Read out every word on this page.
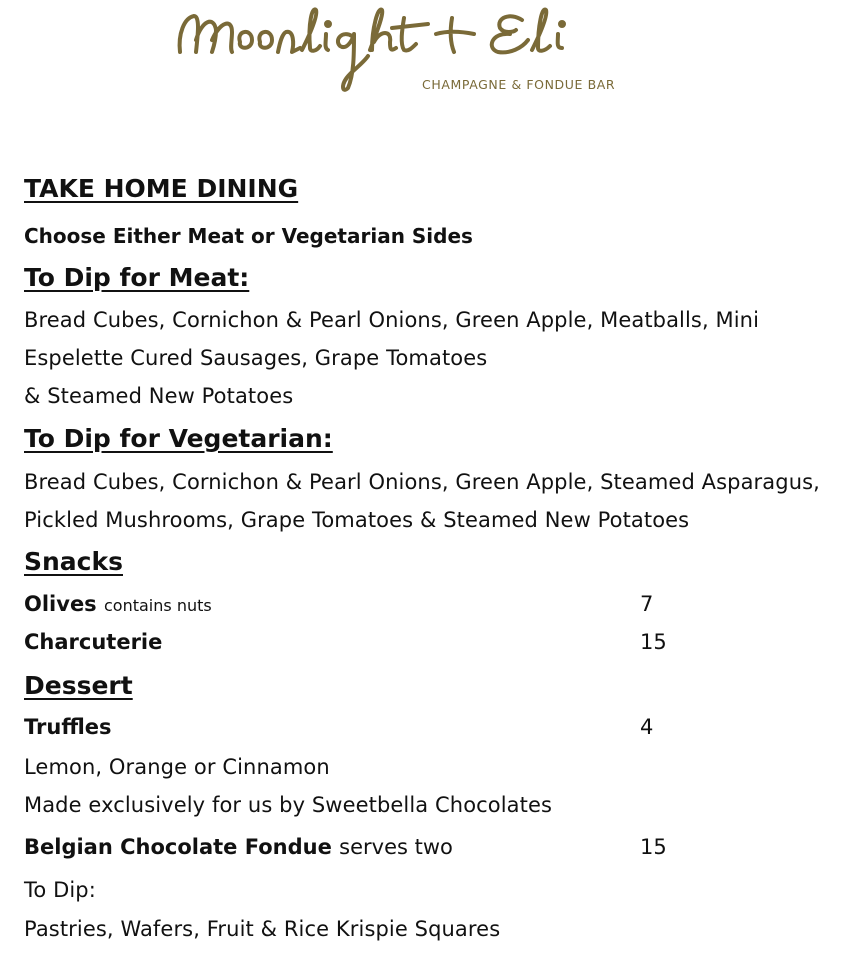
CHAMPAGNE & FONDUE BAR
TAKE HOME DINING
Choose Either Meat or Vegetarian Sides
To Dip for Meat:
Bread Cubes, Cornichon & Pearl Onions, Green Apple, Meatballs, Mini
Espelette Cured Sausages, Grape Tomatoes
& Steamed New Potatoes
To Dip for Vegetarian:
Bread Cubes, Cornichon & Pearl Onions, Green Apple, Steamed Asparagus,
Pickled Mushrooms, Grape Tomatoes & Steamed New Potatoes
Snacks
Olives contains nuts	7
Charcuterie	15
Dessert
Truffles	4
Lemon, Orange or Cinnamon
Made exclusively for us by Sweetbella Chocolates
Belgian Chocolate Fondue serves two	15
To Dip:
Pastries, Wafers, Fruit & Rice Krispie Squares
